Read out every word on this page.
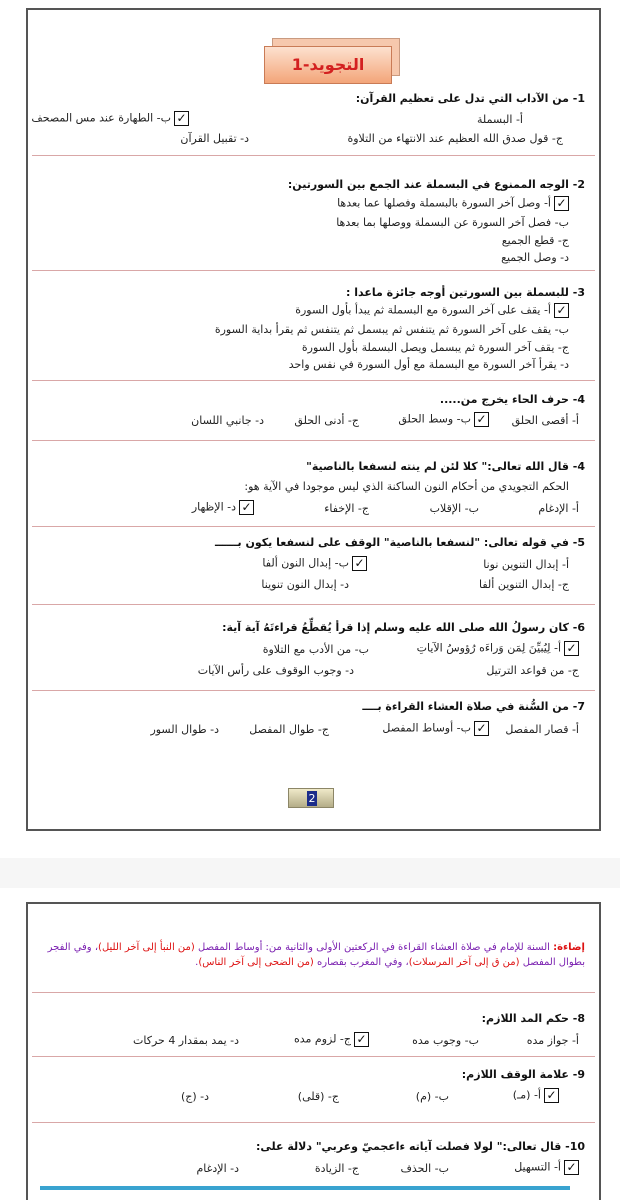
1-التجويد
1- من الآداب التي تدل على تعظيم القرآن:
أ- البسملة
✓ب- الطهارة عند مس المصحف
ج- قول صدق الله العظيم عند الانتهاء من التلاوة
د- تقبيل القرآن
2- الوجه الممنوع في البسملة عند الجمع بين السورتين:
✓أ- وصل آخر السورة بالبسملة وفصلها عما بعدها
ب- فصل آخر السورة عن البسملة ووصلها بما بعدها
ج- قطع الجميع
د- وصل الجميع
3- للبسملة بين السورتين أوجه جائزة ماعدا :
✓أ- يقف على آخر السورة مع البسملة ثم يبدأ بأول السورة
ب- يقف على آخر السورة ثم يتنفس ثم يبسمل ثم يتنفس ثم يقرأ بداية السورة
ج- يقف آخر السورة ثم يبسمل ويصل البسملة بأول السورة
د- يقرأ آخر السورة مع البسملة مع أول السورة في نفس واحد
4- حرف الحاء يخرج من.....
أ- أقصى الحلق
✓ب- وسط الحلق
ج- أدنى الحلق
د- جانبي اللسان
4- قال الله تعالى:" كلا لئن لم ينته لنسفعا بالناصية"
الحكم التجويدي من أحكام النون الساكنة الذي ليس موجودا في الآية هو:
أ- الإدغام
ب- الإقلاب
ج- الإخفاء
✓د- الإظهار
5- في قوله تعالى: "لنسفعا بالناصية" الوقف على لنسفعا يكون بــــــ
أ- إبدال التنوين نونا
✓ب- إبدال النون ألفا
ج- إبدال التنوين ألفا
د- إبدال النون تنوينا
6- كان رسولُ الله صلى الله عليه وسلم إذا قرأ يُقطِّعُ قراءتَهُ آية آية:
✓أ- لِيُبيِّنَ لِمَن وَراءَه رُؤوسُ الآياتِ
ب- من الأدب مع التلاوة
ج- من قواعد الترتيل
د- وجوب الوقوف على رأس الآيات
7- من السُّنة في صلاة العشاء القراءة بــــ
أ- قصار المفصل
✓ب- أوساط المفصل
ج- طوال المفصل
د- طوال السور
2
إضاءة: السنة للإمام في صلاة العشاء القراءة في الركعتين الأولى والثانية من: أوساط المفصل (من النبأ إلى آخر الليل)، وفي الفجر بطوال المفصل (من ق إلى آخر المرسلات)، وفي المغرب بقصاره (من الضحى إلى آخر الناس).
8- حكم المد اللازم:
أ- جواز مده
ب- وجوب مده
✓ج- لزوم مده
د- يمد بمقدار 4 حركات
9- علامة الوقف اللازم:
✓أ- (مـ)
ب- (م)
ج- (قلى)
د- (ج)
10- قال تعالى:" لولا فصلت آياته ءاعجميّ وعربي" دلالة على:
✓أ- التسهيل
ب- الحذف
ج- الزيادة
د- الإدغام
